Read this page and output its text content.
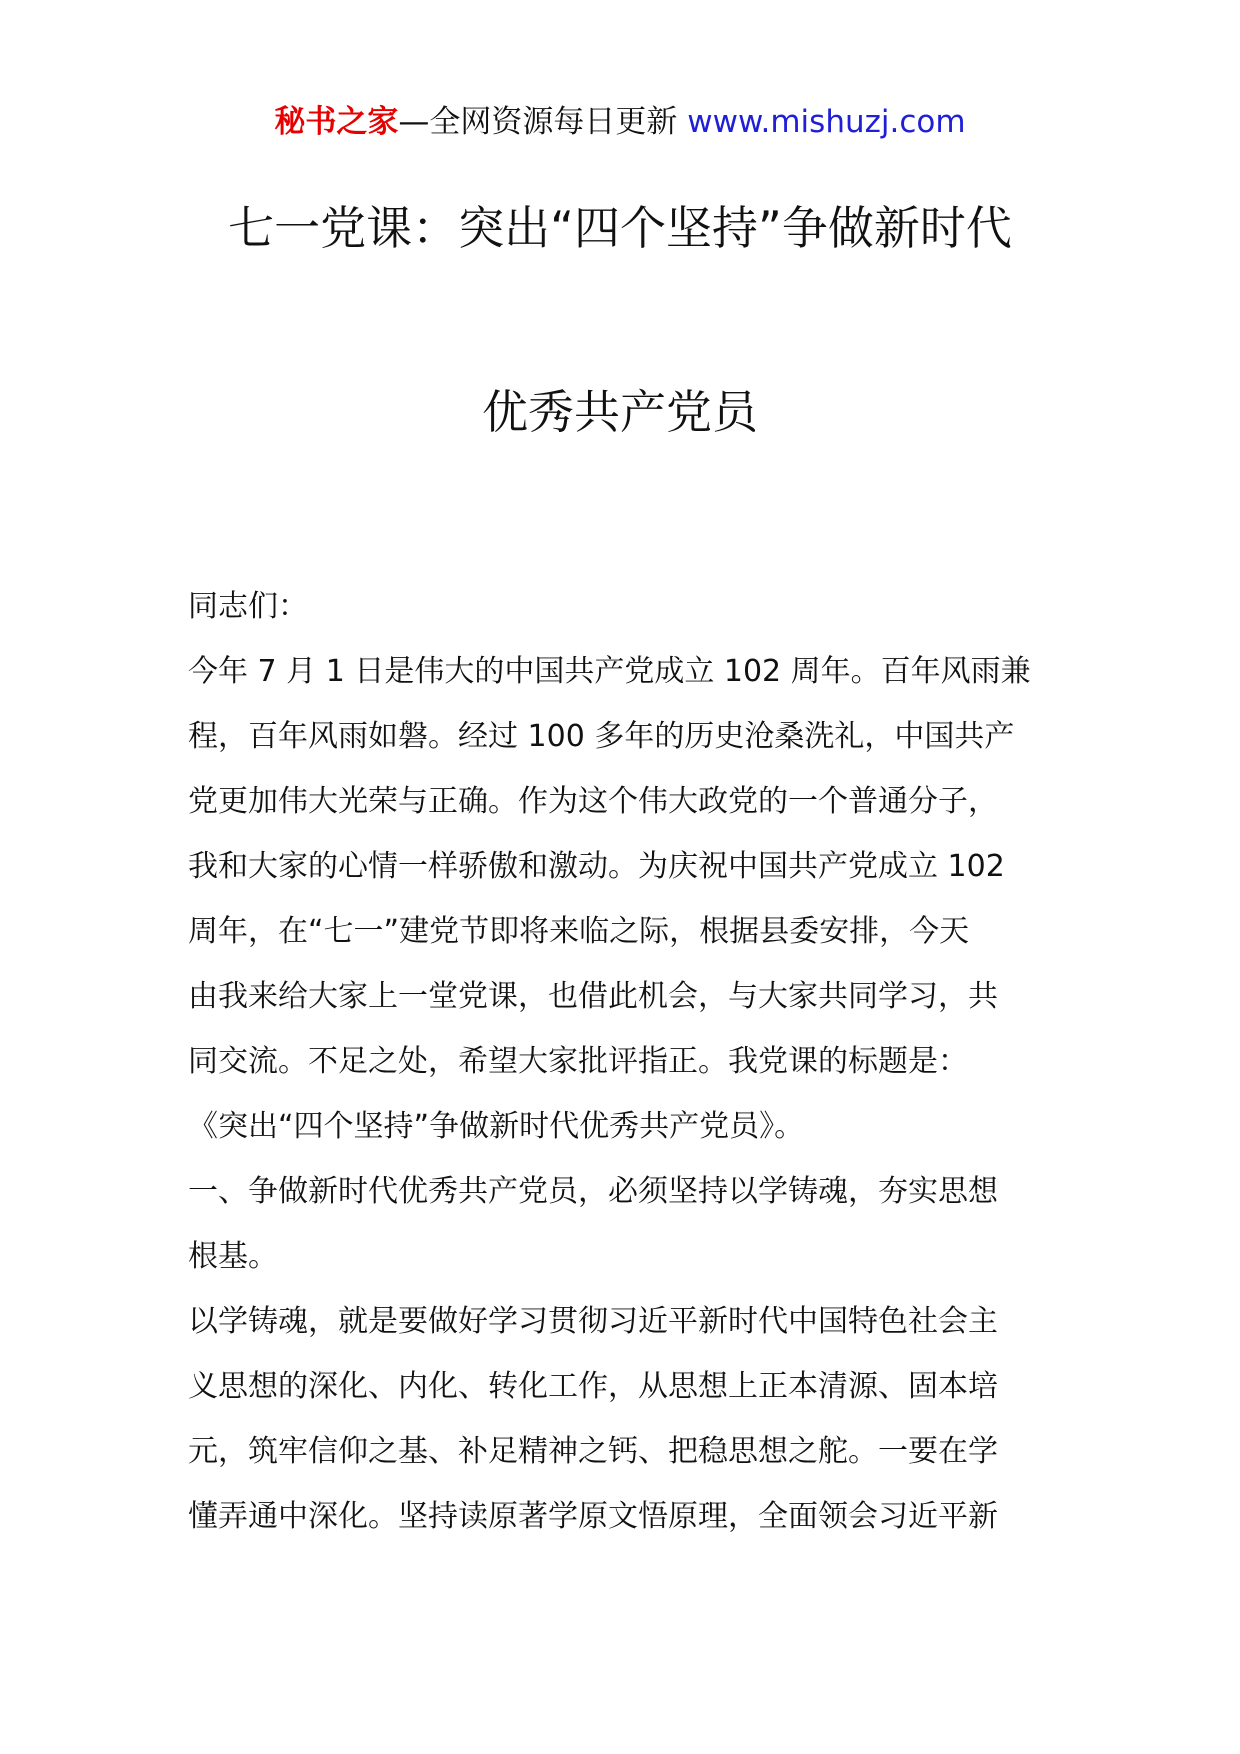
秘书之家—全网资源每日更新 www.mishuzj.com
七一党课：突出“四个坚持”争做新时代
优秀共产党员
同志们：
今年 7 月 1 日是伟大的中国共产党成立 102 周年。百年风雨兼
程，百年风雨如磐。经过 100 多年的历史沧桑洗礼，中国共产
党更加伟大光荣与正确。作为这个伟大政党的一个普通分子，
我和大家的心情一样骄傲和激动。为庆祝中国共产党成立 102
周年，在“七一”建党节即将来临之际，根据县委安排，今天
由我来给大家上一堂党课，也借此机会，与大家共同学习，共
同交流。不足之处，希望大家批评指正。我党课的标题是：
《突出“四个坚持”争做新时代优秀共产党员》。
一、争做新时代优秀共产党员，必须坚持以学铸魂，夯实思想
根基。
以学铸魂，就是要做好学习贯彻习近平新时代中国特色社会主
义思想的深化、内化、转化工作，从思想上正本清源、固本培
元，筑牢信仰之基、补足精神之钙、把稳思想之舵。一要在学
懂弄通中深化。坚持读原著学原文悟原理，全面领会习近平新
